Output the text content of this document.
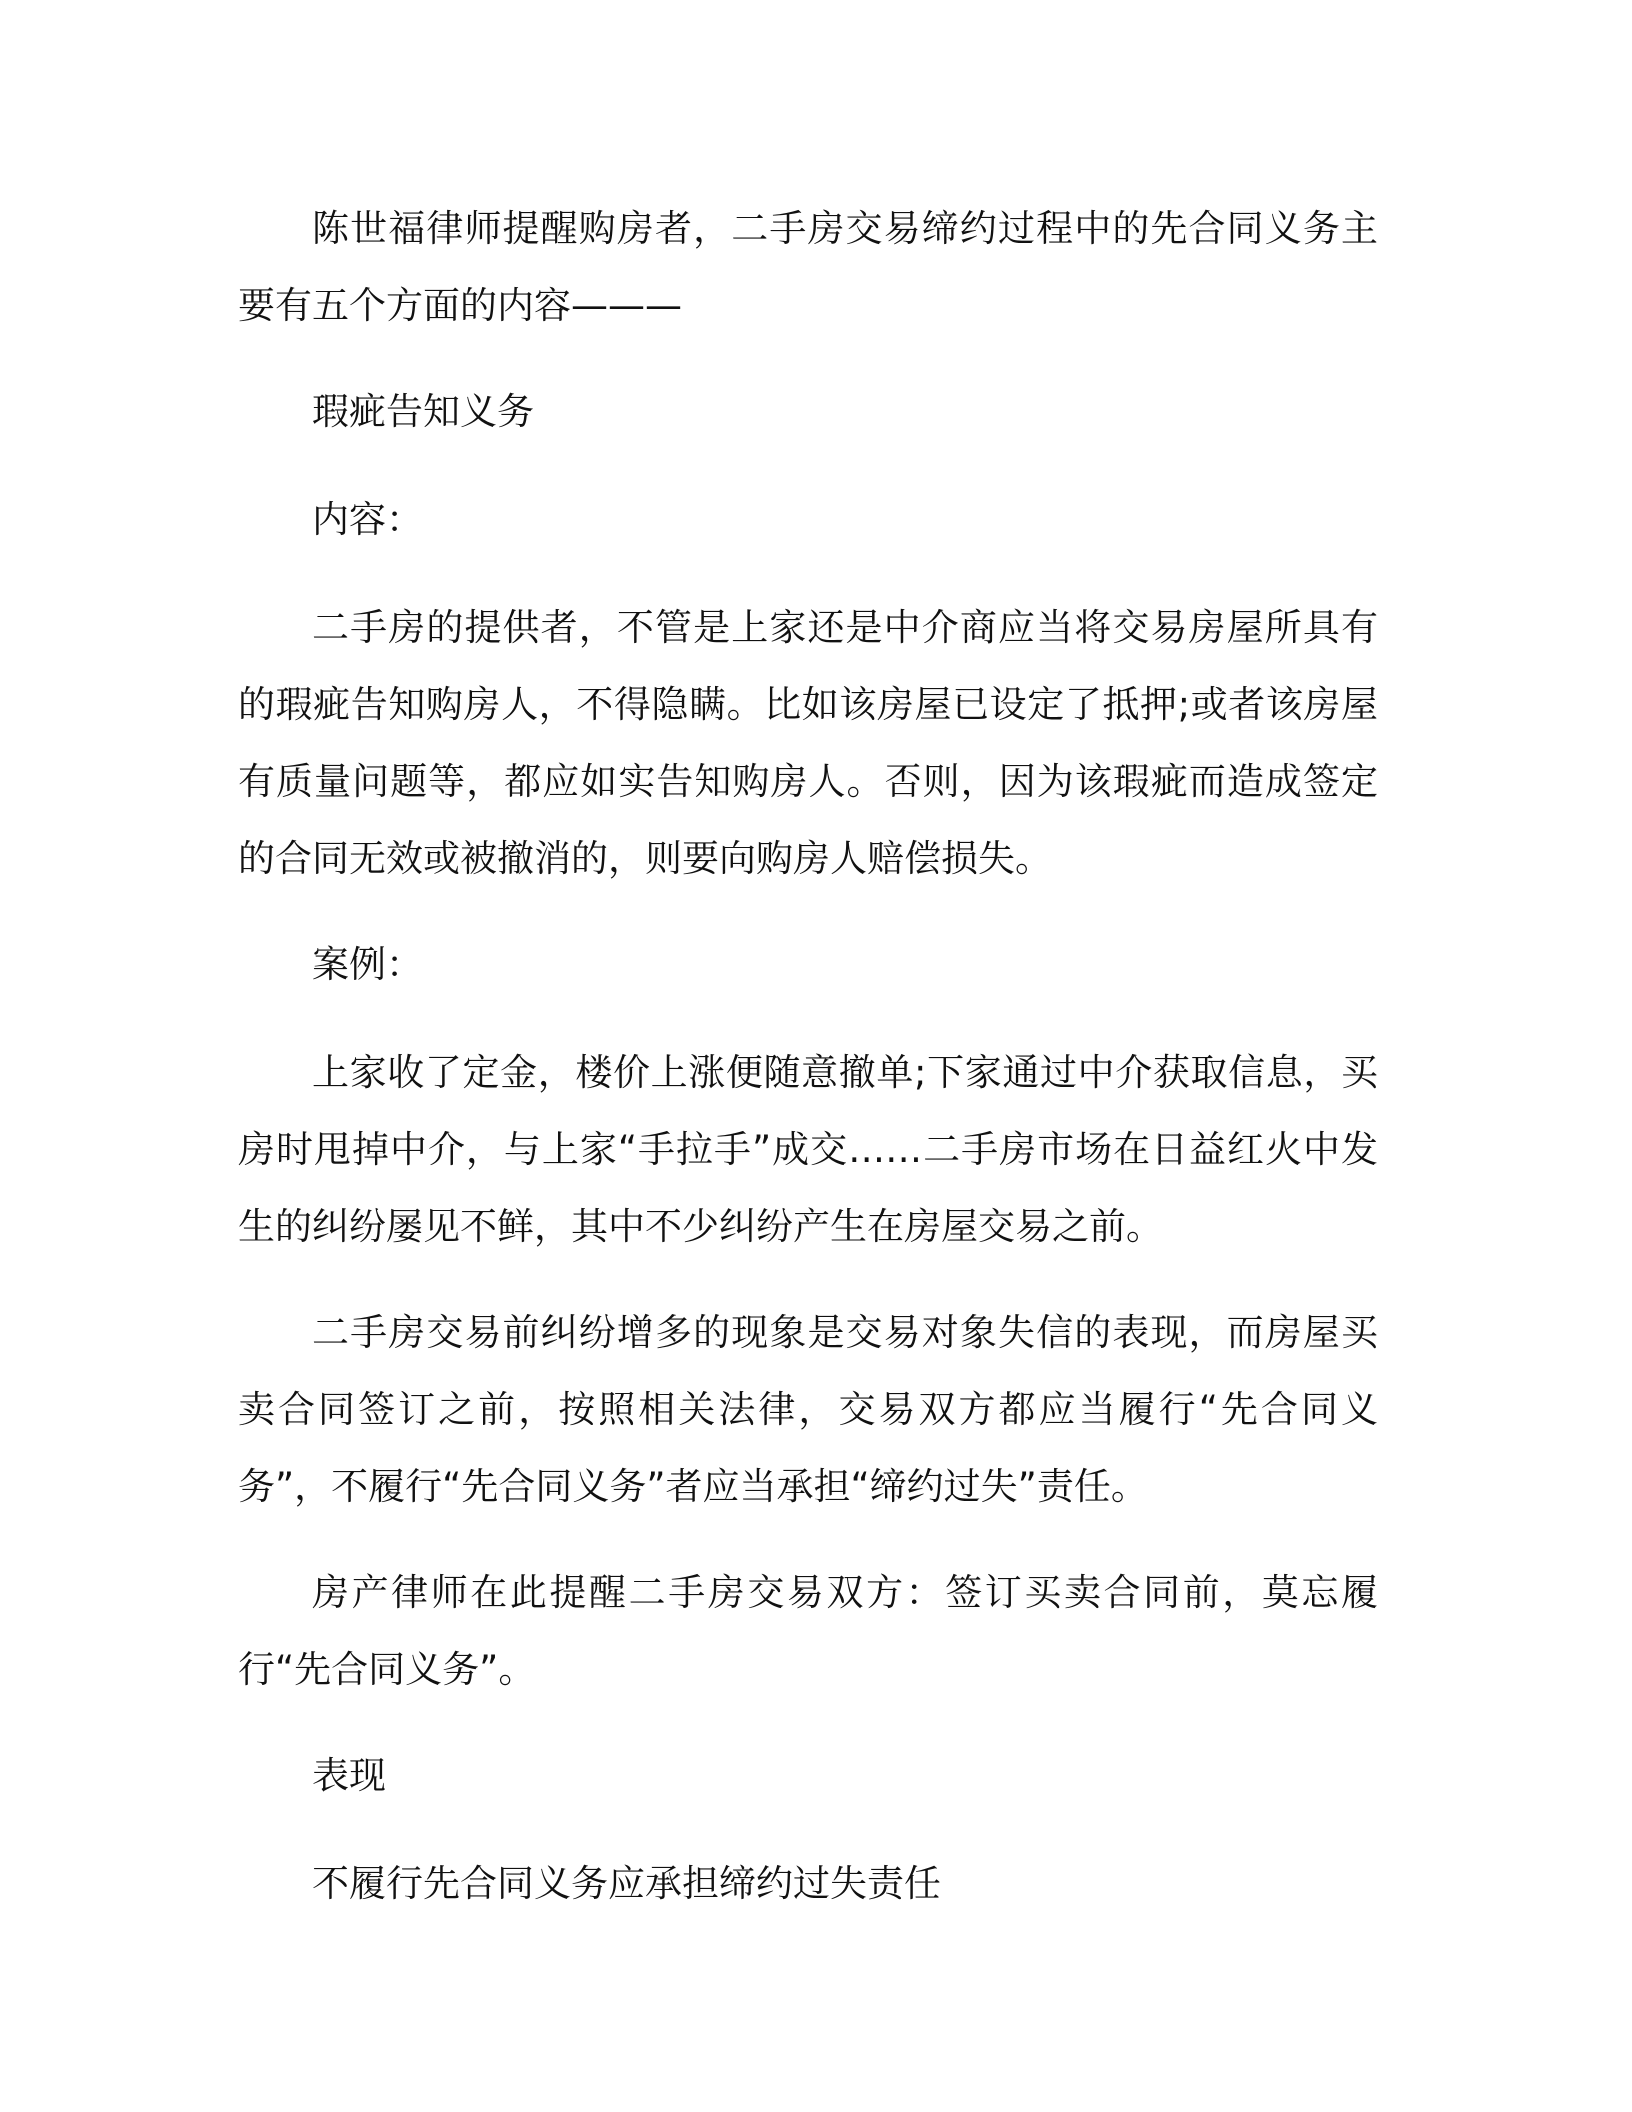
陈世福律师提醒购房者，二手房交易缔约过程中的先合同义务主要有五个方面的内容———

瑕疵告知义务

内容：

二手房的提供者，不管是上家还是中介商应当将交易房屋所具有的瑕疵告知购房人，不得隐瞒。比如该房屋已设定了抵押;或者该房屋有质量问题等，都应如实告知购房人。否则，因为该瑕疵而造成签定的合同无效或被撤消的，则要向购房人赔偿损失。

案例：

上家收了定金，楼价上涨便随意撤单;下家通过中介获取信息，买房时甩掉中介，与上家“手拉手”成交……二手房市场在日益红火中发生的纠纷屡见不鲜，其中不少纠纷产生在房屋交易之前。

二手房交易前纠纷增多的现象是交易对象失信的表现，而房屋买卖合同签订之前，按照相关法律，交易双方都应当履行“先合同义务”，不履行“先合同义务”者应当承担“缔约过失”责任。

房产律师在此提醒二手房交易双方：签订买卖合同前，莫忘履行“先合同义务”。

表现

不履行先合同义务应承担缔约过失责任
